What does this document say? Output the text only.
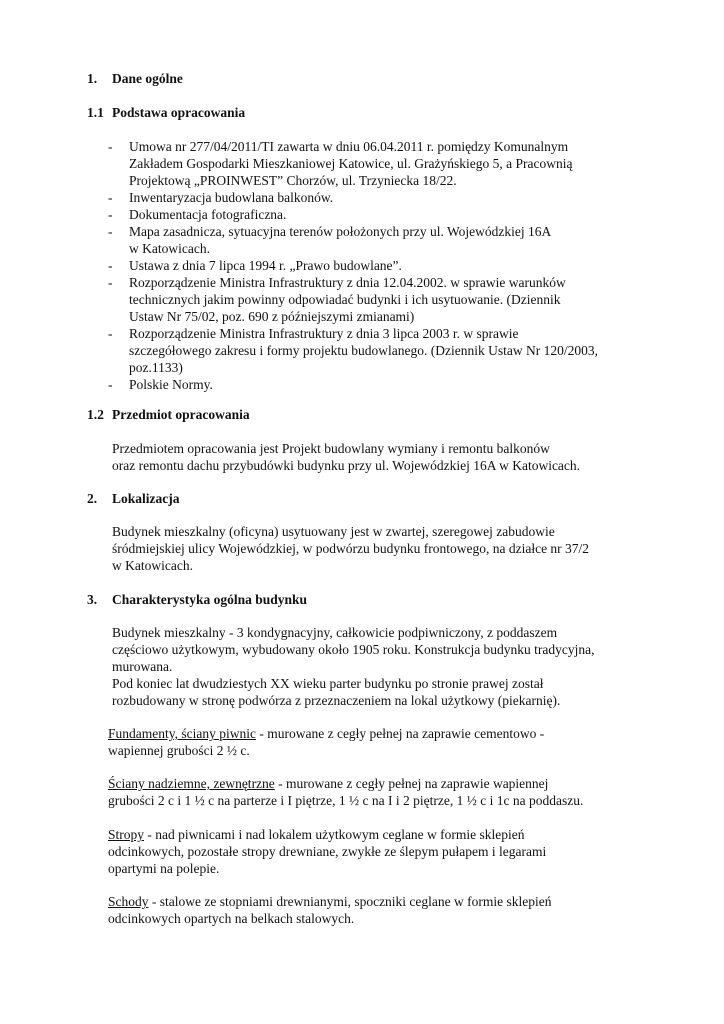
1. Dane ogólne
1.1 Podstawa opracowania
- Umowa nr 277/04/2011/TI zawarta w dniu 06.04.2011 r. pomiędzy Komunalnym
Zakładem Gospodarki Mieszkaniowej Katowice, ul. Grażyńskiego 5, a Pracownią
Projektową „PROINWEST” Chorzów, ul. Trzyniecka 18/22.
- Inwentaryzacja budowlana balkonów.
- Dokumentacja fotograficzna.
- Mapa zasadnicza, sytuacyjna terenów położonych przy ul. Wojewódzkiej 16A
w Katowicach.
- Ustawa z dnia 7 lipca 1994 r. „Prawo budowlane”.
- Rozporządzenie Ministra Infrastruktury z dnia 12.04.2002. w sprawie warunków
technicznych jakim powinny odpowiadać budynki i ich usytuowanie. (Dziennik
Ustaw Nr 75/02, poz. 690 z późniejszymi zmianami)
- Rozporządzenie Ministra Infrastruktury z dnia 3 lipca 2003 r. w sprawie
szczegółowego zakresu i formy projektu budowlanego. (Dziennik Ustaw Nr 120/2003,
poz.1133)
- Polskie Normy.
1.2 Przedmiot opracowania

Przedmiotem opracowania jest Projekt budowlany wymiany i remontu balkonów

oraz remontu dachu przybudówki budynku przy ul. Wojewódzkiej 16A w Katowicach.

2. Lokalizacja

Budynek mieszkalny (oficyna) usytuowany jest w zwartej, szeregowej zabudowie

śródmiejskiej ulicy Wojewódzkiej, w podwórzu budynku frontowego, na działce nr 37/2

w Katowicach.

3. Charakterystyka ogólna budynku

Budynek mieszkalny - 3 kondygnacyjny, całkowicie podpiwniczony, z poddaszem

częściowo użytkowym, wybudowany około 1905 roku. Konstrukcja budynku tradycyjna,

murowana.

Pod koniec lat dwudziestych XX wieku parter budynku po stronie prawej został

rozbudowany w stronę podwórza z przeznaczeniem na lokal użytkowy (piekarnię).

Fundamenty, ściany piwnic - murowane z cegły pełnej na zaprawie cementowo -

wapiennej grubości 2 ½ c.

Ściany nadziemne, zewnętrzne - murowane z cegły pełnej na zaprawie wapiennej

grubości 2 c i 1 ½ c na parterze i I piętrze, 1 ½ c na I i 2 piętrze, 1 ½ c i 1c na poddaszu.

Stropy - nad piwnicami i nad lokalem użytkowym ceglane w formie sklepień

odcinkowych, pozostałe stropy drewniane, zwykłe ze ślepym pułapem i legarami

opartymi na polepie.

Schody - stalowe ze stopniami drewnianymi, spoczniki ceglane w formie sklepień

odcinkowych opartych na belkach stalowych.
